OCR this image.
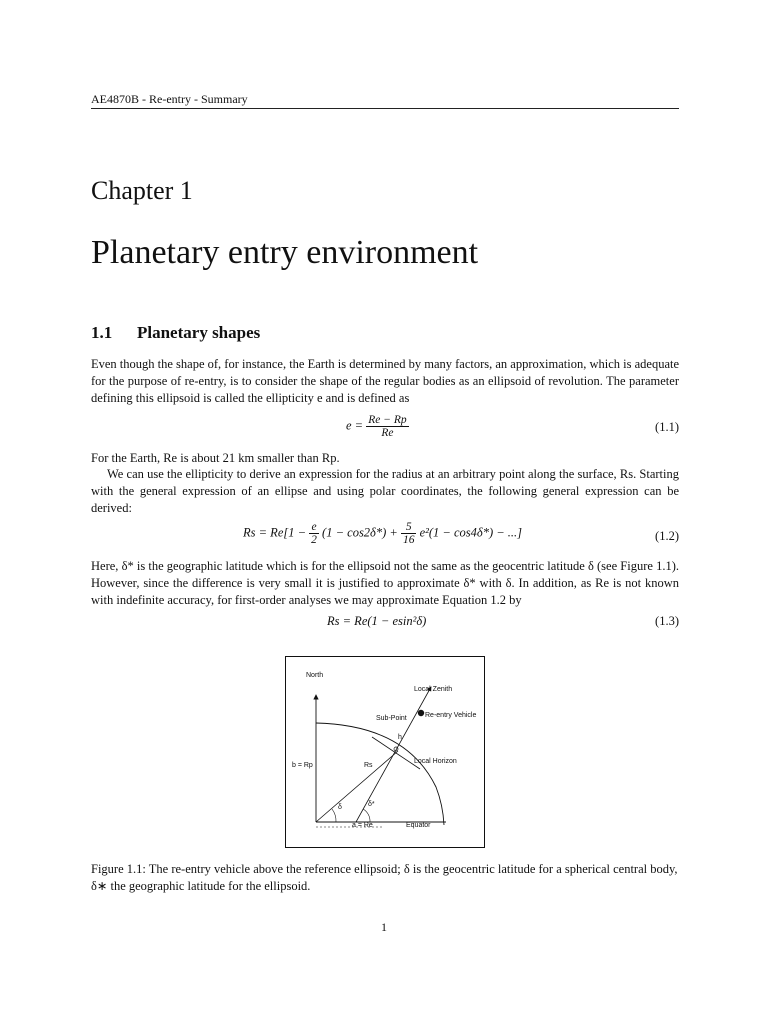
AE4870B - Re-entry - Summary
Chapter 1
Planetary entry environment
1.1 Planetary shapes
Even though the shape of, for instance, the Earth is determined by many factors, an approximation, which is adequate for the purpose of re-entry, is to consider the shape of the regular bodies as an ellipsoid of revolution. The parameter defining this ellipsoid is called the ellipticity e and is defined as
$e = \frac{Re - Rp}{Re}$	(1.1)
For the Earth, Re is about 21 km smaller than Rp.
We can use the ellipticity to derive an expression for the radius at an arbitrary point along the surface, Rs. Starting with the general expression of an ellipse and using polar coordinates, the following general expression can be derived:
$Rs = Re[1 - \frac{e}{2} (1 - \cos 2\delta*) + \frac{5}{16} e^2(1 - \cos 4\delta*)$ − ...]	(1.2)
Here, δ* is the geographic latitude which is for the ellipsoid not the same as the geocentric latitude δ (see Figure 1.1). However, since the difference is very small it is justified to approximate δ* with δ. In addition, as Re is not known with indefinite accuracy, for first-order analyses we may approximate Equation 1.2 by
Rs = Re(1 − esin²δ)	(1.3)
North
Local Zenith
Sub-Point	Re-entry Vehicle
h
b = Rp	Rs
Local Horizon
δ	δ*
a = Re	Equator
Figure 1.1: The re-entry vehicle above the reference ellipsoid; δ is the geocentric latitude for a spherical central body, δ∗ the geographic latitude for the ellipsoid.
1
